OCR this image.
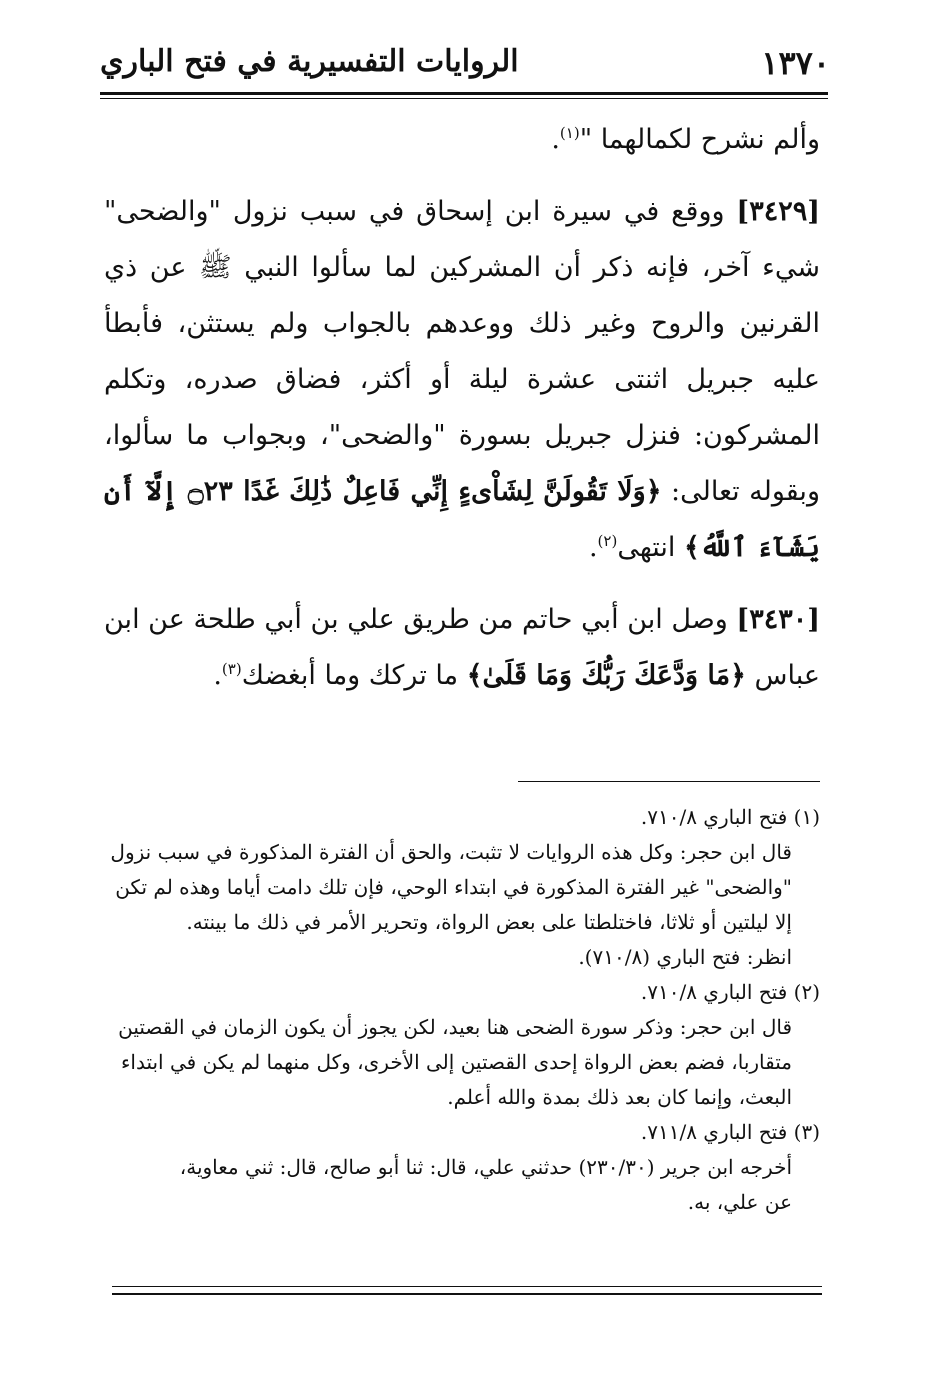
١٣٧٠
الروايات التفسيرية في فتح الباري

وألم نشرح لكمالهما "$^{(١)}$.

[٣٤٢٩] ووقع في سيرة ابن إسحاق في سبب نزول "والضحى" شيء آخر، فإنه ذكر أن المشركين لما سألوا النبي ﷺ عن ذي القرنين والروح وغير ذلك ووعدهم بالجواب ولم يستثن، فأبطأ عليه جبريل اثنتى عشرة ليلة أو أكثر، فضاق صدره، وتكلم المشركون: فنزل جبريل بسورة "والضحى"، وبجواب ما سألوا، وبقوله تعالى: ﴿وَلَا تَقُولَنَّ لِشَاْىءٍ إِنِّي فَاعِلٌ ذَٰلِكَ غَدًا ۝٢٣ إِلَّآ أَن يَشَآءَ ٱللَّهُ﴾ انتهى$^{(٢)}$.

[٣٤٣٠] وصل ابن أبي حاتم من طريق علي بن أبي طلحة عن ابن عباس ﴿مَا وَدَّعَكَ رَبُّكَ وَمَا قَلَىٰ﴾ ما تركك وما أبغضك$^{(٣)}$.

(١) فتح الباري ٧١٠/٨.
قال ابن حجر: وكل هذه الروايات لا تثبت، والحق أن الفترة المذكورة في سبب نزول
"والضحى" غير الفترة المذكورة في ابتداء الوحي، فإن تلك دامت أياما وهذه لم تكن
إلا ليلتين أو ثلاثا، فاختلطتا على بعض الرواة، وتحرير الأمر في ذلك ما بينته.
انظر: فتح الباري (٧١٠/٨).
(٢) فتح الباري ٧١٠/٨.
قال ابن حجر: وذكر سورة الضحى هنا بعيد، لكن يجوز أن يكون الزمان في القصتين
متقاربا، فضم بعض الرواة إحدى القصتين إلى الأخرى، وكل منهما لم يكن في ابتداء
البعث، وإنما كان بعد ذلك بمدة والله أعلم.
(٣) فتح الباري ٧١١/٨.
أخرجه ابن جرير (٢٣٠/٣٠) حدثني علي، قال: ثنا أبو صالح، قال: ثني معاوية،
عن علي، به.
